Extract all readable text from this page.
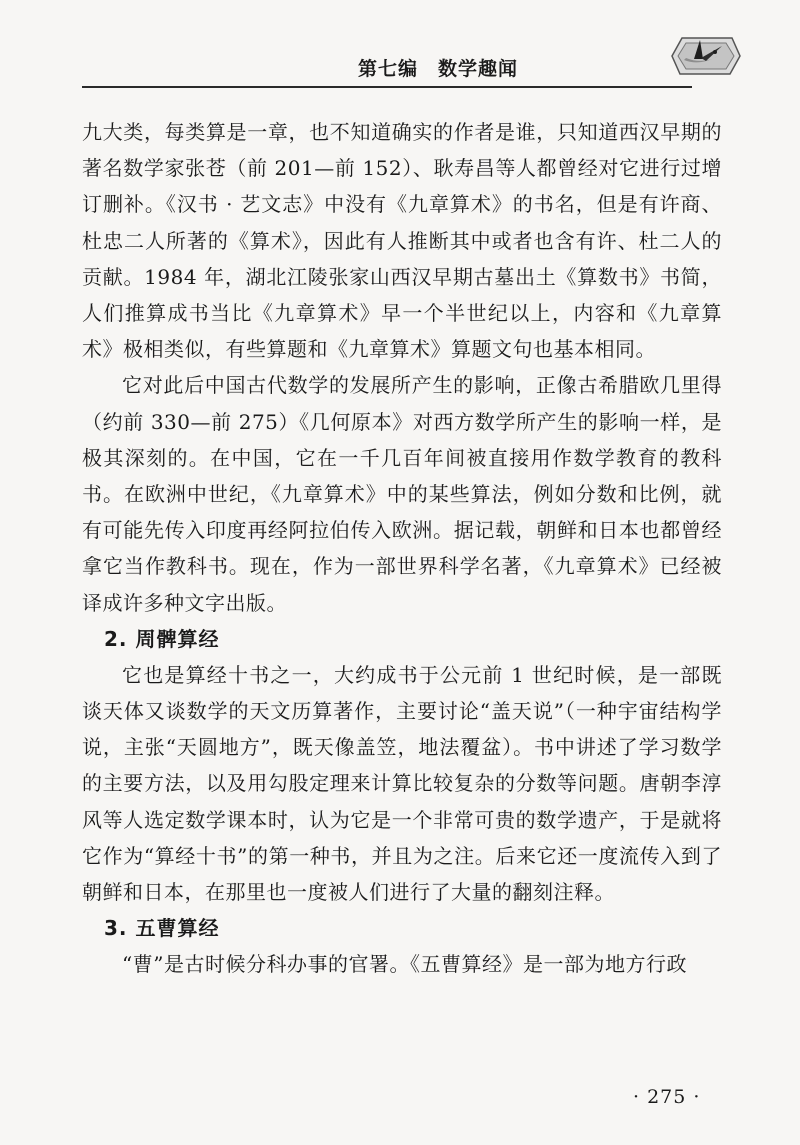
第七编　数学趣闻

九大类，每类算是一章，也不知道确实的作者是谁，只知道西汉早期的著名数学家张苍（前 201—前 152）、耿寿昌等人都曾经对它进行过增订删补。《汉书 · 艺文志》中没有《九章算术》的书名，但是有许商、杜忠二人所著的《算术》，因此有人推断其中或者也含有许、杜二人的贡献。1984 年，湖北江陵张家山西汉早期古墓出土《算数书》书简，人们推算成书当比《九章算术》早一个半世纪以上，内容和《九章算术》极相类似，有些算题和《九章算术》算题文句也基本相同。

它对此后中国古代数学的发展所产生的影响，正像古希腊欧几里得（约前 330—前 275）《几何原本》对西方数学所产生的影响一样，是极其深刻的。在中国，它在一千几百年间被直接用作数学教育的教科书。在欧洲中世纪，《九章算术》中的某些算法，例如分数和比例，就有可能先传入印度再经阿拉伯传入欧洲。据记载，朝鲜和日本也都曾经拿它当作教科书。现在，作为一部世界科学名著，《九章算术》已经被译成许多种文字出版。

2. 周髀算经

它也是算经十书之一，大约成书于公元前 1 世纪时候，是一部既谈天体又谈数学的天文历算著作，主要讨论“盖天说”（一种宇宙结构学说，主张“天圆地方”，既天像盖笠，地法覆盆）。书中讲述了学习数学的主要方法，以及用勾股定理来计算比较复杂的分数等问题。唐朝李淳风等人选定数学课本时，认为它是一个非常可贵的数学遗产，于是就将它作为“算经十书”的第一种书，并且为之注。后来它还一度流传入到了朝鲜和日本，在那里也一度被人们进行了大量的翻刻注释。

3. 五曹算经

“曹”是古时候分科办事的官署。《五曹算经》是一部为地方行政

· 275 ·
